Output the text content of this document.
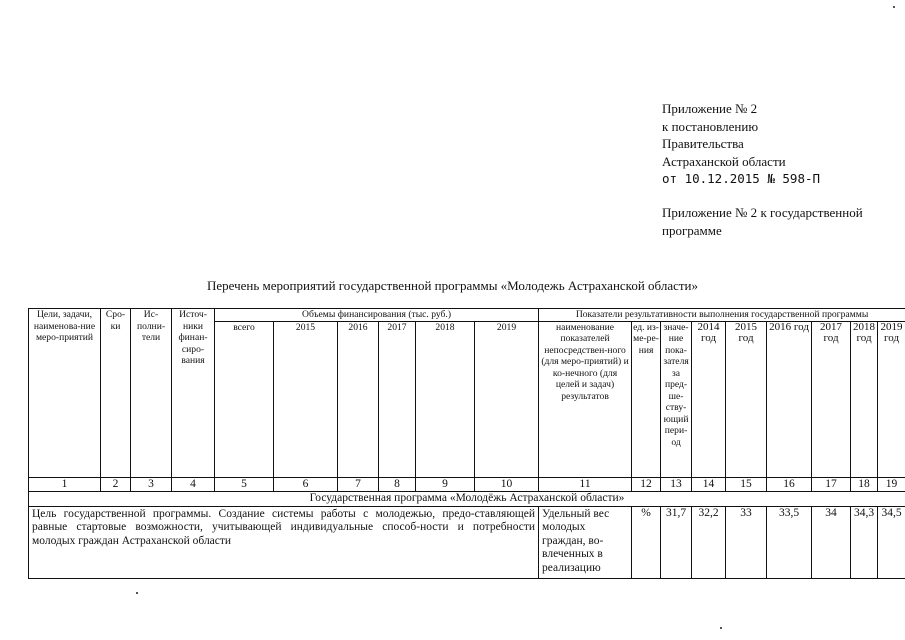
Приложение № 2
к постановлению
Правительства
Астраханской области
от 10.12.2015 № 598-П
Приложение № 2 к государственной программе
Перечень мероприятий государственной программы «Молодежь Астраханской области»
Цели, задачи, наименова-ние меро-приятий	Сро-ки	Ис-полни-тели	Источ-ники финан-сиро-вания	Объемы финансирования (тыс. руб.)						Показатели результативности выполнения государственной программы								
				всего	2015	2016	2017	2018	2019	наименование показателей непосредствен-ного (для меро-приятий) и ко-нечного (для целей и задач) результатов	ед. из-ме-ре-ния	значе-ние пока-зателя за пред-ше-ству-ющий пери-од	2014 год	2015 год	2016 год	2017 год	2018 год	2019 год
1	2	3	4	5	6	7	8	9	10	11	12	13	14	15	16	17	18	19
Государственная программа «Молодёжь Астраханской области»																		
Цель государственной программы. Создание системы работы с молодежью, предо-ставляющей равные стартовые возможности, учитывающей индивидуальные способ-ности и потребности молодых граждан Астраханской области										Удельный вес молодых граждан, во-влеченных в реализацию	%	31,7	32,2	33	33,5	34	34,3	34,5
